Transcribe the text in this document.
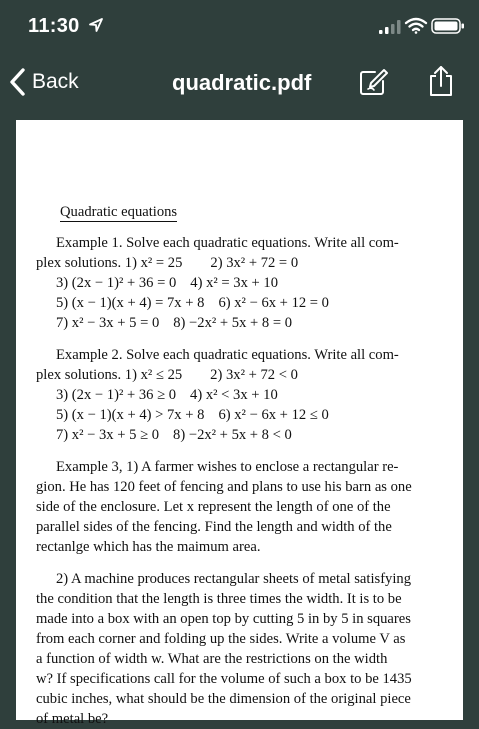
11:30
Back	quadratic.pdf
Quadratic equations
Example 1. Solve each quadratic equations. Write all com-
plex solutions. 1) x² = 25 2) 3x² + 72 = 0
3) (2x − 1)² + 36 = 0 4) x² = 3x + 10
5) (x − 1)(x + 4) = 7x + 8 6) x² − 6x + 12 = 0
7) x² − 3x + 5 = 0 8) −2x² + 5x + 8 = 0
Example 2. Solve each quadratic equations. Write all com-
plex solutions. 1) x² ≤ 25 2) 3x² + 72 < 0
3) (2x − 1)² + 36 ≥ 0 4) x² < 3x + 10
5) (x − 1)(x + 4) > 7x + 8 6) x² − 6x + 12 ≤ 0
7) x² − 3x + 5 ≥ 0 8) −2x² + 5x + 8 < 0
Example 3, 1) A farmer wishes to enclose a rectangular re-
gion. He has 120 feet of fencing and plans to use his barn as one
side of the enclosure. Let x represent the length of one of the
parallel sides of the fencing. Find the length and width of the
rectanlge which has the maimum area.
2) A machine produces rectangular sheets of metal satisfying
the condition that the length is three times the width. It is to be
made into a box with an open top by cutting 5 in by 5 in squares
from each corner and folding up the sides. Write a volume V as
a function of width w. What are the restrictions on the width
w? If specifications call for the volume of such a box to be 1435
cubic inches, what should be the dimension of the original piece
of metal be?
